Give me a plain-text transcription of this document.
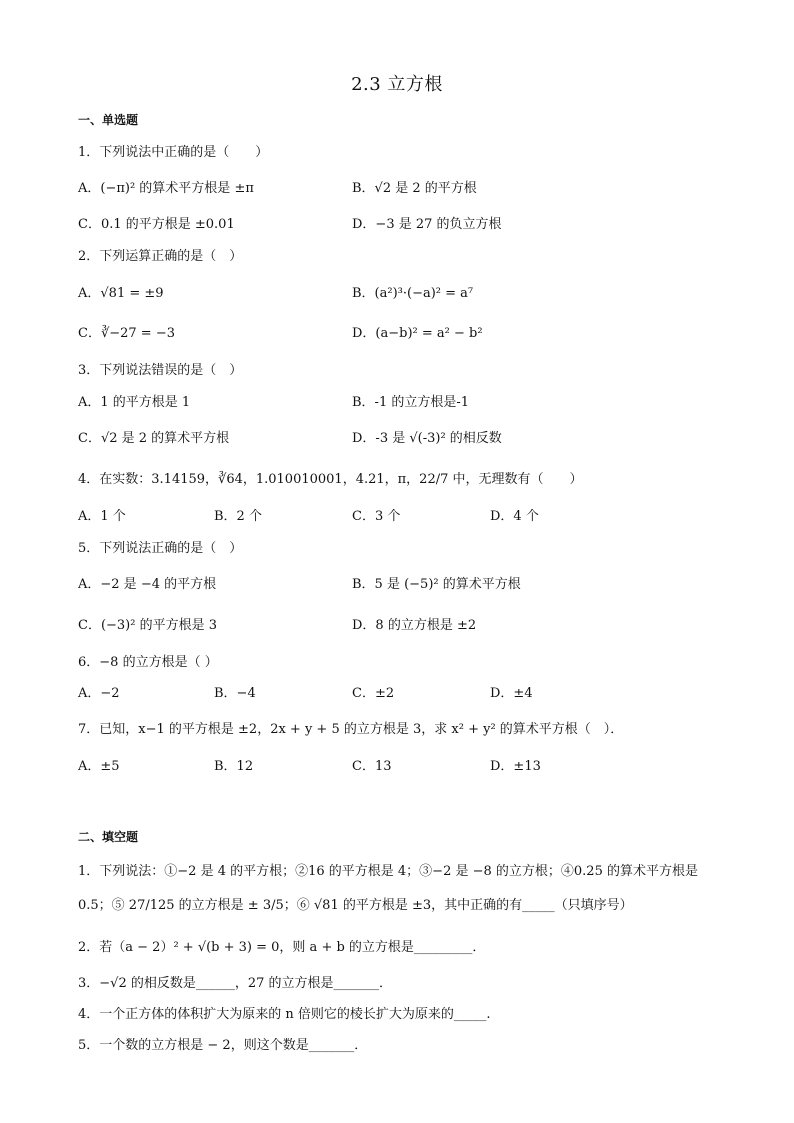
2.3 立方根
一、单选题
1．下列说法中正确的是（　　）
A．(−π)² 的算术平方根是 ±π	B．√2 是 2 的平方根
C．0.1 的平方根是 ±0.01	D．−3 是 27 的负立方根
2．下列运算正确的是（　）
A．√81 = ±9	B．(a²)³·(−a)² = a⁷
C．∛−27 = −3	D．(a−b)² = a² − b²
3．下列说法错误的是（　）
A．1 的平方根是 1	B．-1 的立方根是-1
C．√2 是 2 的算术平方根	D．-3 是 √(-3)² 的相反数
4．在实数：3.14159，∛64，1.010010001，4.21，π，22/7 中，无理数有（　　）
A．1 个	B．2 个	C．3 个	D．4 个
5．下列说法正确的是（　）
A．−2 是 −4 的平方根	B．5 是 (−5)² 的算术平方根
C．(−3)² 的平方根是 3	D．8 的立方根是 ±2
6．−8 的立方根是（ ）
A．−2	B．−4	C．±2	D．±4
7．已知，x−1 的平方根是 ±2，2x + y + 5 的立方根是 3，求 x² + y² 的算术平方根（　）．
A．±5	B．12	C．13	D．±13
二、填空题
1．下列说法：①−2 是 4 的平方根；②16 的平方根是 4；③−2 是 −8 的立方根；④0.25 的算术平方根是
0.5；⑤ 27/125 的立方根是 ± 3/5；⑥ √81 的平方根是 ±3，其中正确的有_____（只填序号）
2．若（a − 2）² + √(b + 3) = 0，则 a + b 的立方根是_________．
3．−√2 的相反数是______，27 的立方根是_______．
4．一个正方体的体积扩大为原来的 n 倍则它的棱长扩大为原来的_____.
5．一个数的立方根是 − 2，则这个数是_______．
